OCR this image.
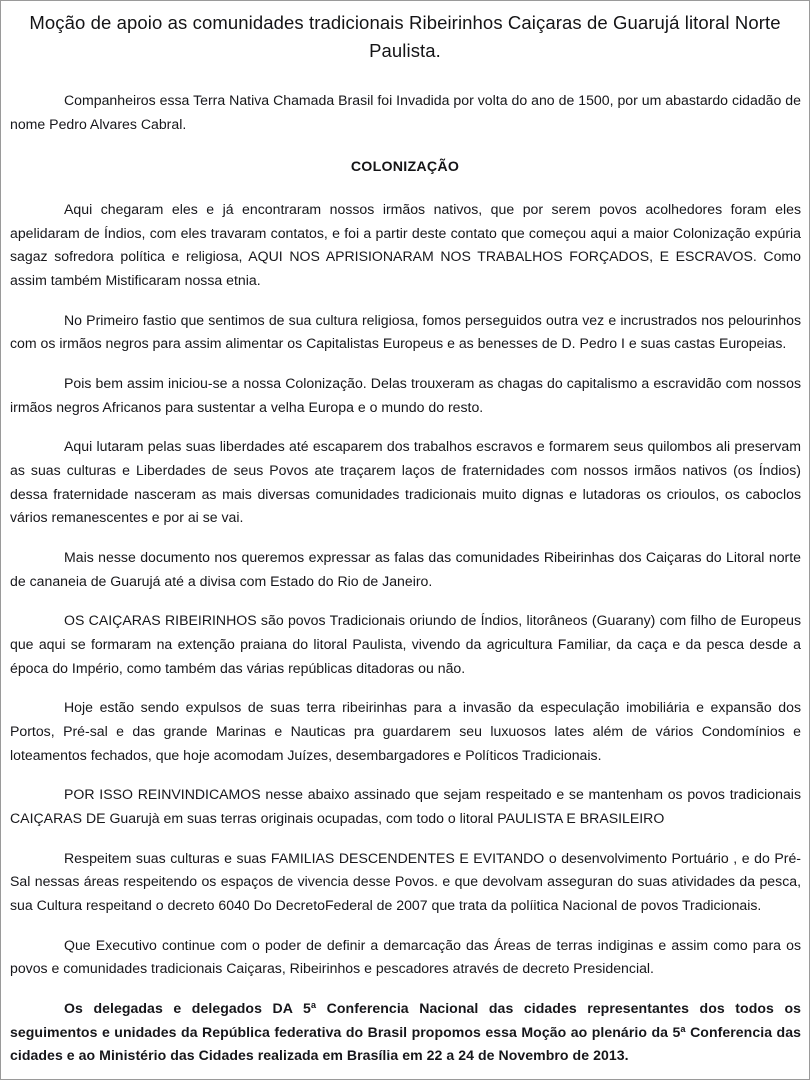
Moção de apoio as comunidades tradicionais Ribeirinhos Caiçaras de Guarujá litoral Norte Paulista.

Companheiros essa Terra Nativa Chamada Brasil foi Invadida por volta do ano de 1500, por um abastardo cidadão de nome Pedro Alvares Cabral.

COLONIZAÇÃO

Aqui chegaram eles e já encontraram nossos irmãos nativos, que por serem povos acolhedores foram eles apelidaram de Índios, com eles travaram contatos, e foi a partir deste contato que começou aqui a maior Colonização expúria sagaz sofredora política e religiosa, AQUI NOS APRISIONARAM NOS TRABALHOS FORÇADOS, E ESCRAVOS. Como assim também Mistificaram nossa etnia.

No Primeiro fastio que sentimos de sua cultura religiosa, fomos perseguidos outra vez e incrustrados nos pelourinhos com os irmãos negros para assim alimentar os Capitalistas Europeus e as benesses de D. Pedro I e suas castas Europeias.

Pois bem assim iniciou-se a nossa Colonização. Delas trouxeram as chagas do capitalismo a escravidão com nossos irmãos negros Africanos para sustentar a velha Europa e o mundo do resto.

Aqui lutaram pelas suas liberdades até escaparem dos trabalhos escravos e formarem seus quilombos ali preservam as suas culturas e Liberdades de seus Povos ate traçarem laços de fraternidades com nossos irmãos nativos (os Índios) dessa fraternidade nasceram as mais diversas comunidades tradicionais muito dignas e lutadoras os crioulos, os caboclos vários remanescentes e por ai se vai.

Mais nesse documento nos queremos expressar as falas das comunidades Ribeirinhas dos Caiçaras do Litoral norte de cananeia de Guarujá até a divisa com Estado do Rio de Janeiro.

OS CAIÇARAS RIBEIRINHOS são povos Tradicionais oriundo de Índios, litorâneos (Guarany) com filho de Europeus que aqui se formaram na extenção praiana do litoral Paulista, vivendo da agricultura Familiar, da caça e da pesca desde a época do Império, como também das várias repúblicas ditadoras ou não.

Hoje estão sendo expulsos de suas terra ribeirinhas para a invasão da especulação imobiliária e expansão dos Portos, Pré-sal e das grande Marinas e Nauticas pra guardarem seu luxuosos lates além de vários Condomínios e loteamentos fechados, que hoje acomodam Juízes, desembargadores e Políticos Tradicionais.

POR ISSO REINVINDICAMOS nesse abaixo assinado que sejam respeitado e se mantenham os povos tradicionais CAIÇARAS DE Guarujà em suas terras originais ocupadas, com todo o litoral PAULISTA E BRASILEIRO

Respeitem suas culturas e suas FAMILIAS DESCENDENTES E EVITANDO o desenvolvimento Portuário , e do Pré-Sal nessas áreas respeitendo os espaços de vivencia desse Povos. e que devolvam asseguran do suas atividades da pesca, sua Cultura respeitand o decreto 6040 Do DecretoFederal de 2007 que trata da políitica Nacional de povos Tradicionais.

Que Executivo continue com o poder de definir a demarcação das Áreas de terras indiginas e assim como para os povos e comunidades tradicionais Caiçaras, Ribeirinhos e pescadores através de decreto Presidencial.

Os delegadas e delegados DA 5ª Conferencia Nacional das cidades representantes dos todos os seguimentos e unidades da República federativa do Brasil propomos essa Moção ao plenário da 5ª Conferencia das cidades e ao Ministério das Cidades realizada em Brasília em 22 a 24 de Novembro de 2013.
